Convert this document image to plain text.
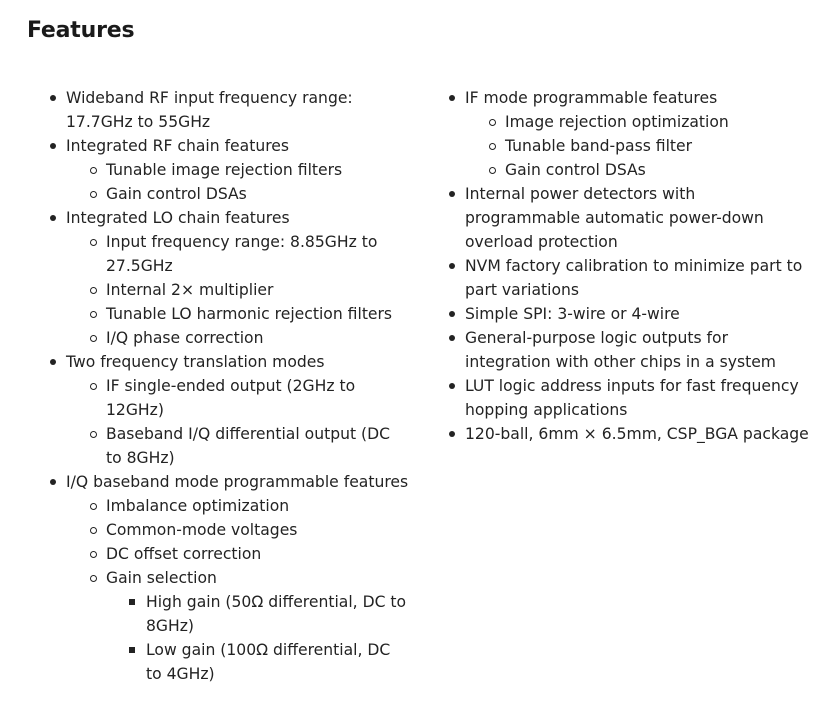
Features
Wideband RF input frequency range: 17.7GHz to 55GHz
Integrated RF chain features
Tunable image rejection filters
Gain control DSAs
Integrated LO chain features
Input frequency range: 8.85GHz to 27.5GHz
Internal 2× multiplier
Tunable LO harmonic rejection filters
I/Q phase correction
Two frequency translation modes
IF single-ended output (2GHz to 12GHz)
Baseband I/Q differential output (DC to 8GHz)
I/Q baseband mode programmable features
Imbalance optimization
Common-mode voltages
DC offset correction
Gain selection
High gain (50Ω differential, DC to 8GHz)
Low gain (100Ω differential, DC to 4GHz)
IF mode programmable features
Image rejection optimization
Tunable band-pass filter
Gain control DSAs
Internal power detectors with programmable automatic power-down overload protection
NVM factory calibration to minimize part to part variations
Simple SPI: 3-wire or 4-wire
General-purpose logic outputs for integration with other chips in a system
LUT logic address inputs for fast frequency hopping applications
120-ball, 6mm × 6.5mm, CSP_BGA package
